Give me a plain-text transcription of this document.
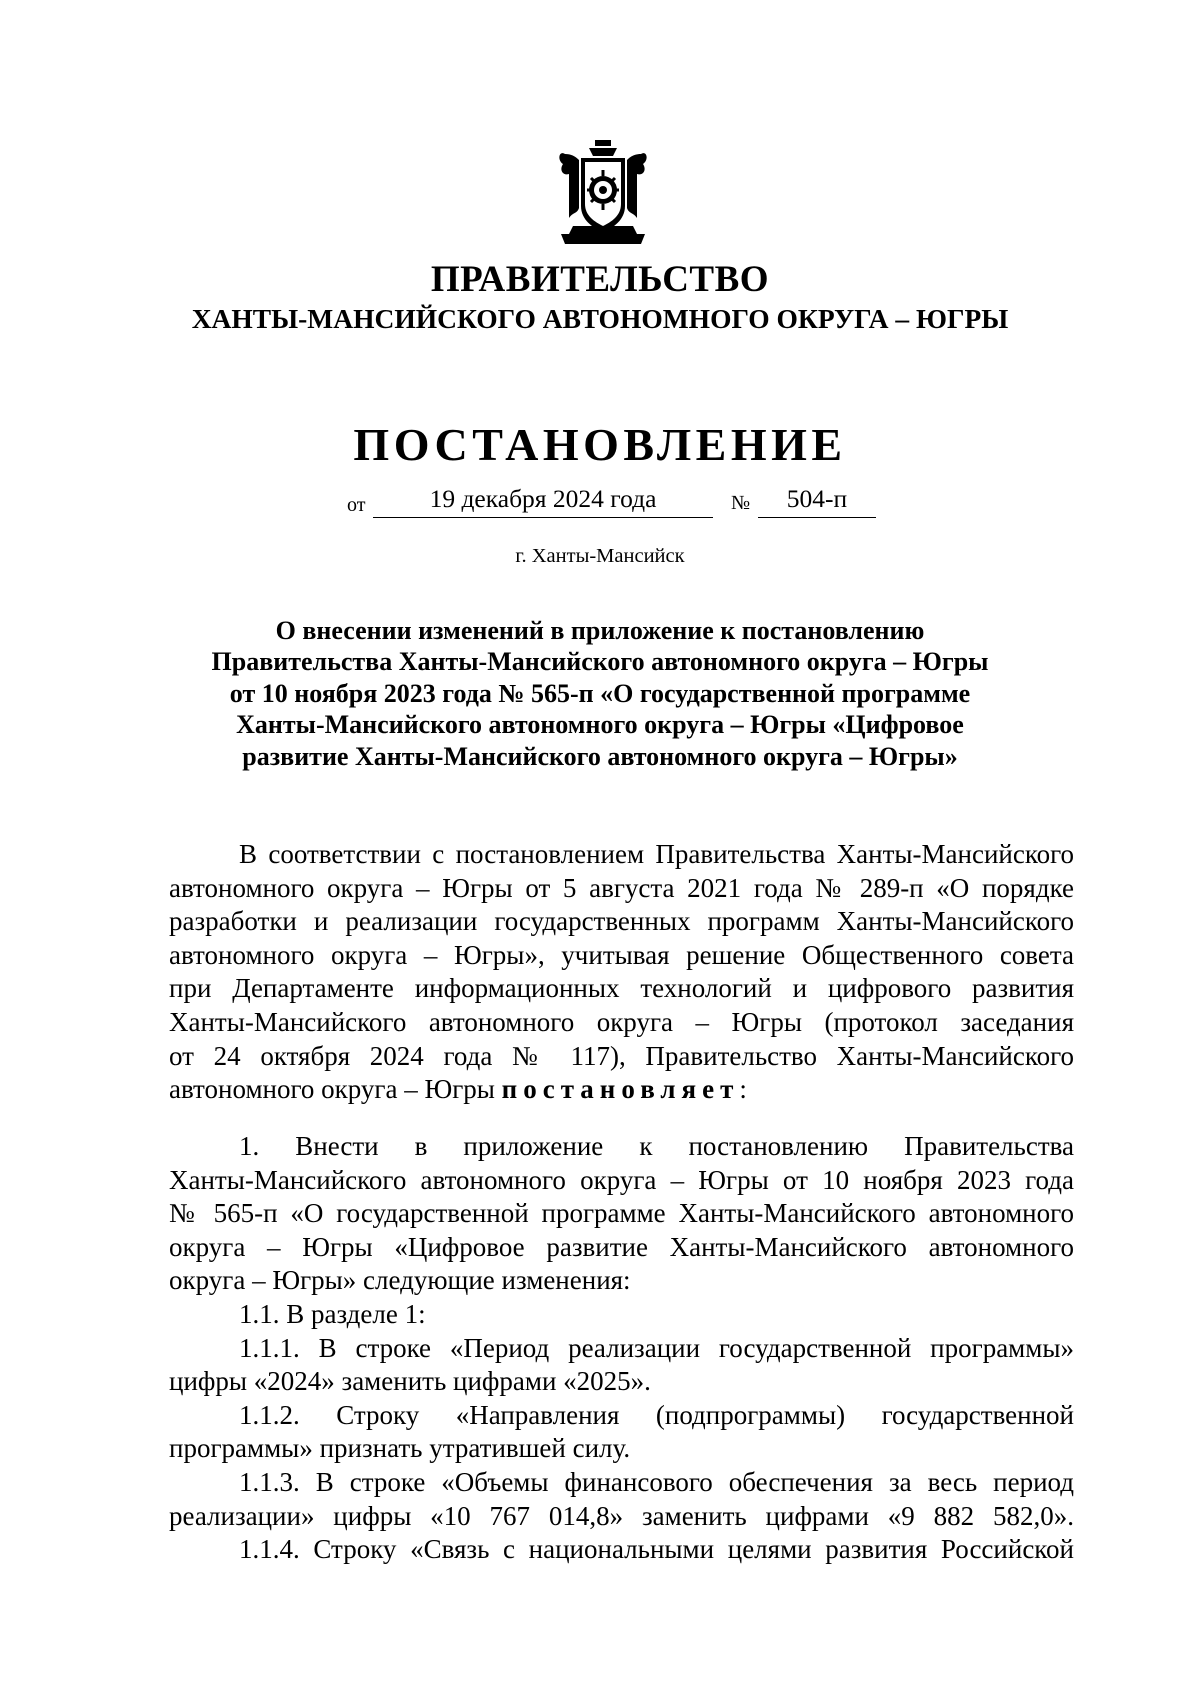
ПРАВИТЕЛЬСТВО
ХАНТЫ-МАНСИЙСКОГО АВТОНОМНОГО ОКРУГА – ЮГРЫ
ПОСТАНОВЛЕНИЕ
от	19 декабря 2024 года	№	504-п
г. Ханты-Мансийск
О внесении изменений в приложение к постановлению
Правительства Ханты-Мансийского автономного округа – Югры
от 10 ноября 2023 года № 565-п «О государственной программе
Ханты-Мансийского автономного округа – Югры «Цифровое
развитие Ханты-Мансийского автономного округа – Югры»
В соответствии с постановлением Правительства Ханты-Мансийского
автономного округа – Югры от 5 августа 2021 года № 289-п «О порядке
разработки и реализации государственных программ Ханты-Мансийского
автономного округа – Югры», учитывая решение Общественного совета
при Департаменте информационных технологий и цифрового развития
Ханты-Мансийского автономного округа – Югры (протокол заседания
от 24 октября 2024 года № 117), Правительство Ханты-Мансийского
автономного округа – Югры постановляет:
1. Внести в приложение к постановлению Правительства
Ханты-Мансийского автономного округа – Югры от 10 ноября 2023 года
№ 565-п «О государственной программе Ханты-Мансийского автономного
округа – Югры «Цифровое развитие Ханты-Мансийского автономного
округа – Югры» следующие изменения:
1.1. В разделе 1:
1.1.1. В строке «Период реализации государственной программы»
цифры «2024» заменить цифрами «2025».
1.1.2. Строку «Направления (подпрограммы) государственной
программы» признать утратившей силу.
1.1.3. В строке «Объемы финансового обеспечения за весь период
реализации» цифры «10 767 014,8» заменить цифрами «9 882 582,0».
1.1.4. Строку «Связь с национальными целями развития Российской
